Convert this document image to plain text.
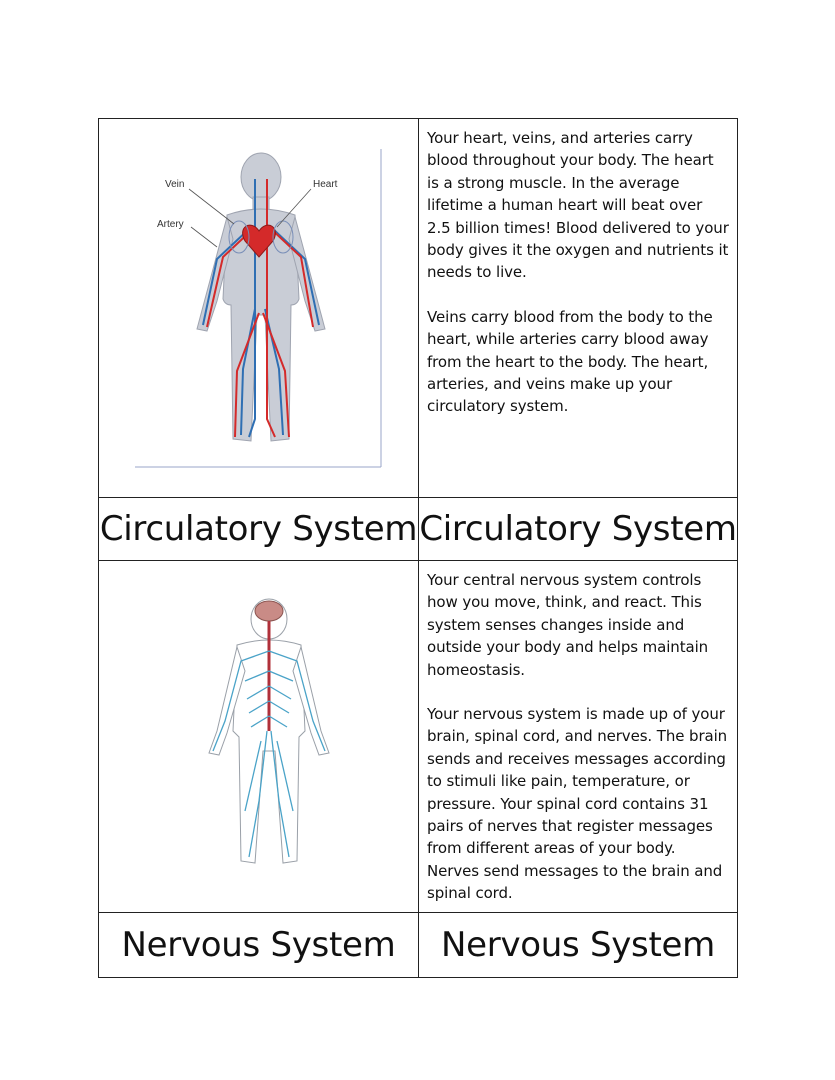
Vein
Artery
Heart

Your heart, veins, and arteries carry blood throughout your body. The heart is a strong muscle. In the average lifetime a human heart will beat over 2.5 billion times! Blood delivered to your body gives it the oxygen and nutrients it needs to live.

Veins carry blood from the body to the heart, while arteries carry blood away from the heart to the body. The heart, arteries, and veins make up your circulatory system.

Circulatory System Circulatory System

Your central nervous system controls how you move, think, and react. This system senses changes inside and outside your body and helps maintain homeostasis.

Your nervous system is made up of your brain, spinal cord, and nerves. The brain sends and receives messages according to stimuli like pain, temperature, or pressure. Your spinal cord contains 31 pairs of nerves that register messages from different areas of your body. Nerves send messages to the brain and spinal cord.

Nervous System	Nervous System
